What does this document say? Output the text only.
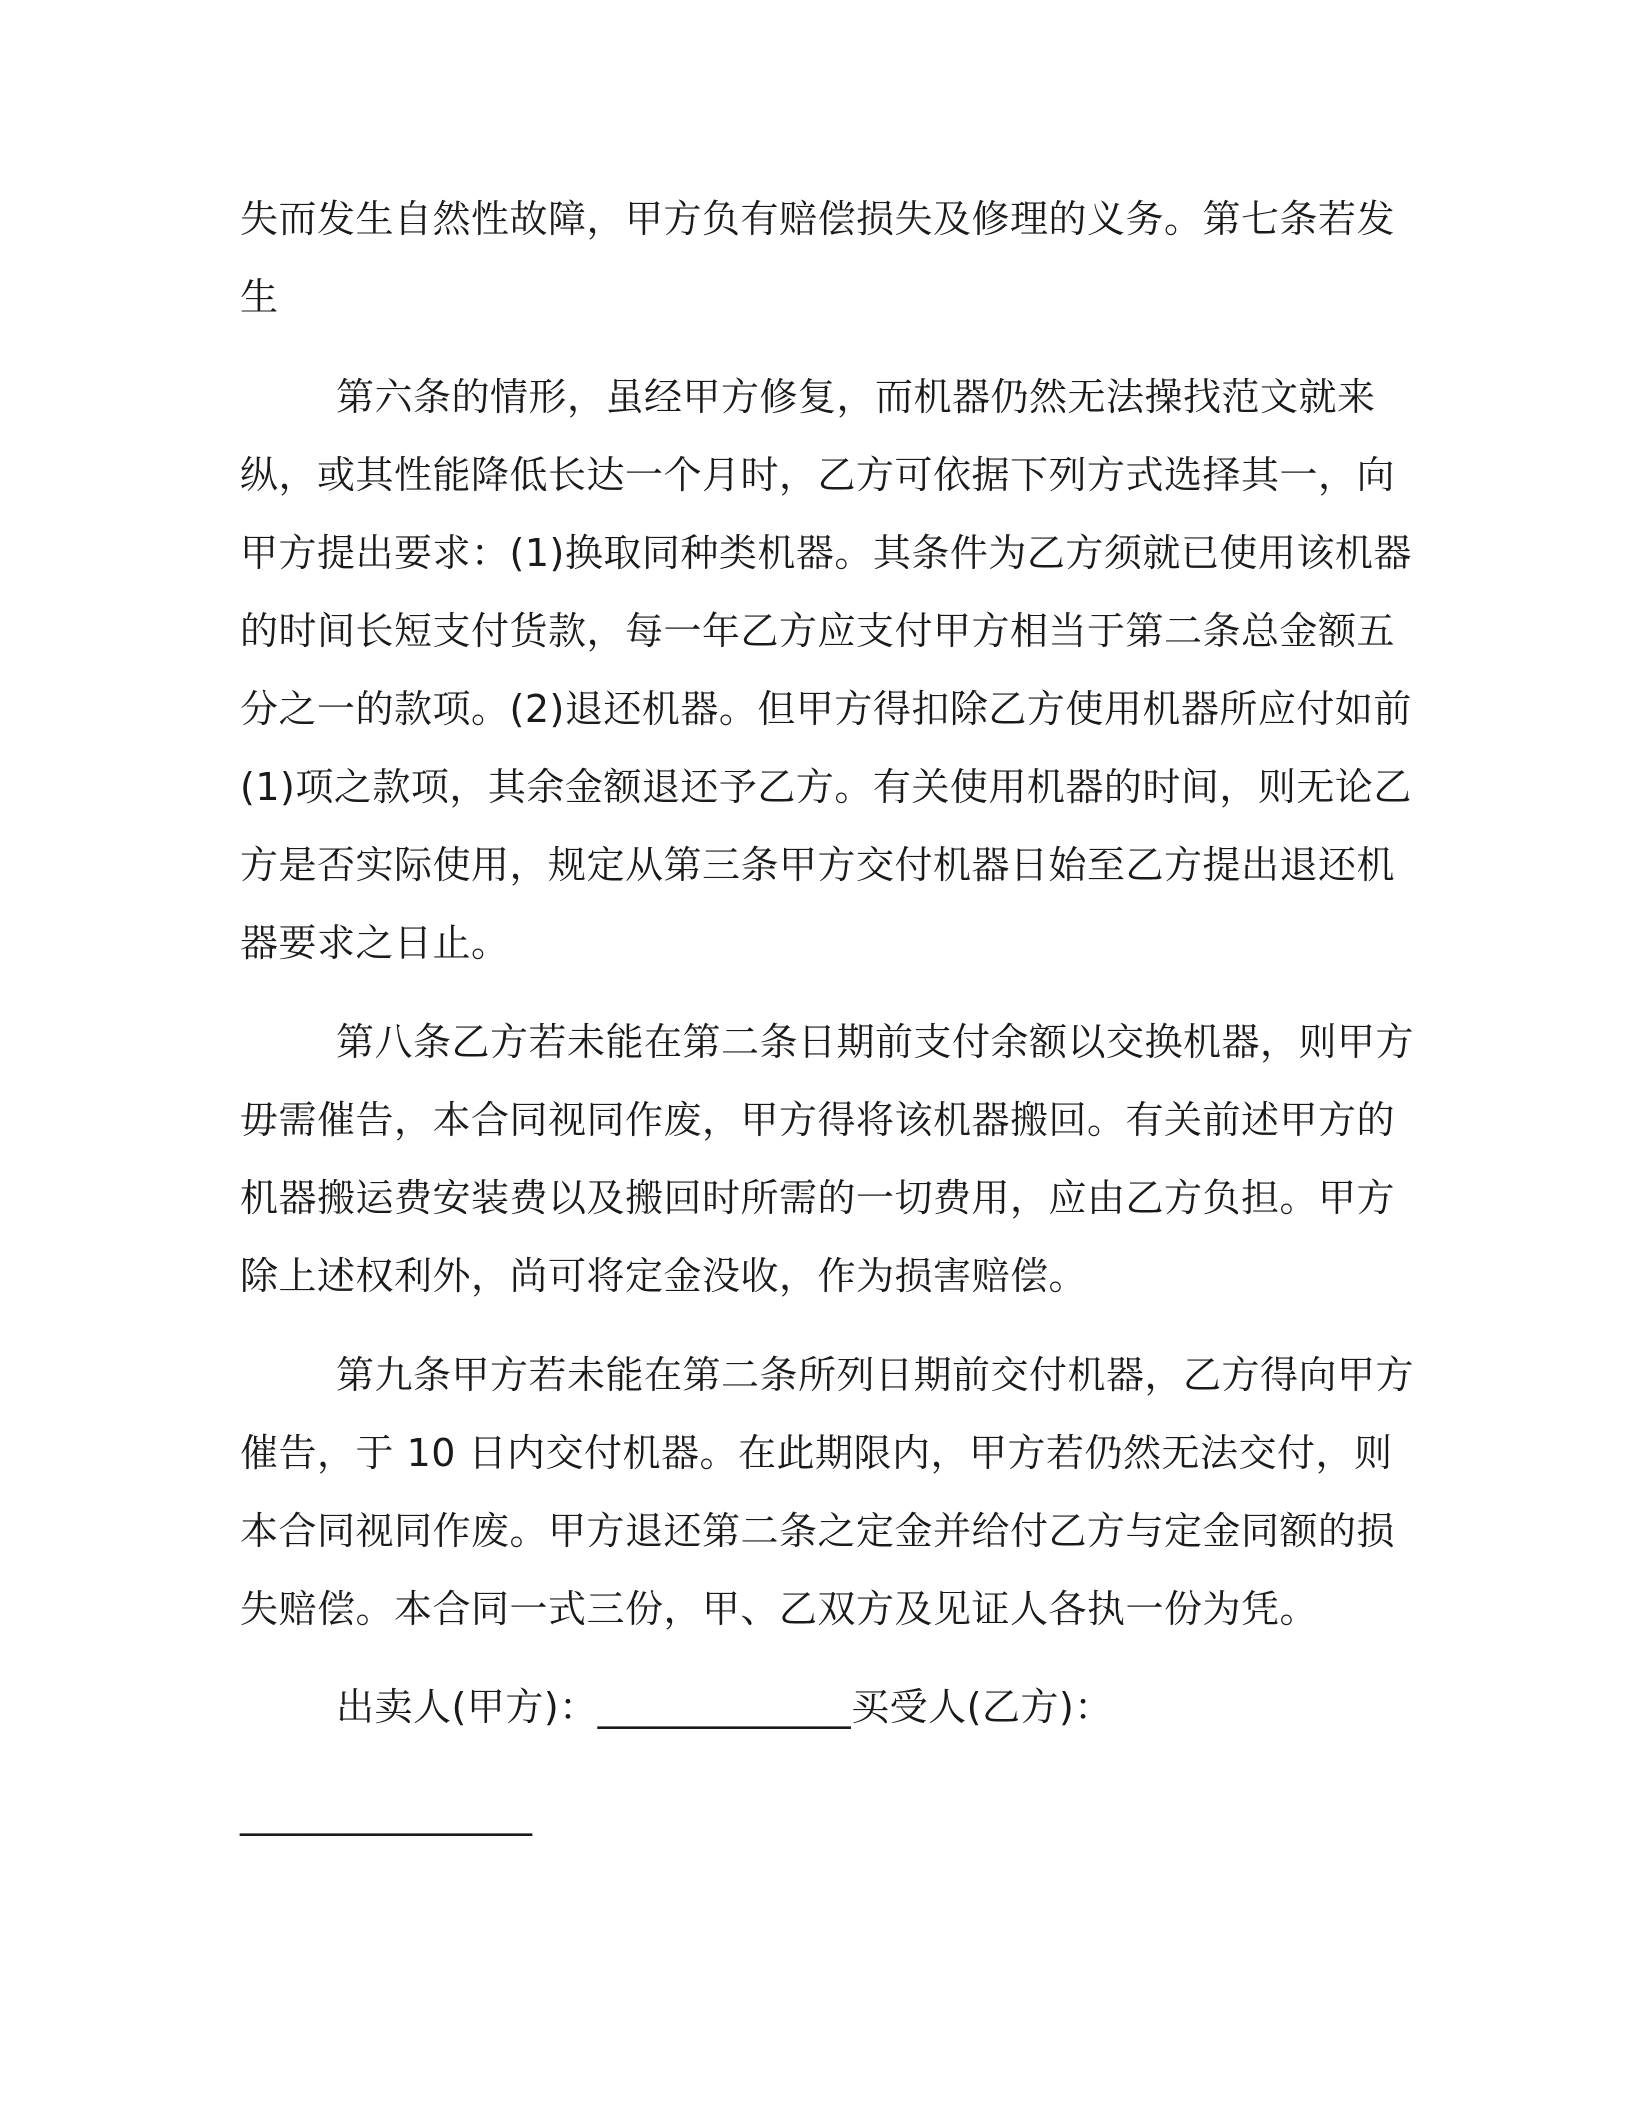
失而发生自然性故障，甲方负有赔偿损失及修理的义务。第七条若发生

第六条的情形，虽经甲方修复，而机器仍然无法操找范文就来纵，或其性能降低长达一个月时，乙方可依据下列方式选择其一，向甲方提出要求：(1)换取同种类机器。其条件为乙方须就已使用该机器的时间长短支付货款，每一年乙方应支付甲方相当于第二条总金额五分之一的款项。(2)退还机器。但甲方得扣除乙方使用机器所应付如前(1)项之款项，其余金额退还予乙方。有关使用机器的时间，则无论乙方是否实际使用，规定从第三条甲方交付机器日始至乙方提出退还机器要求之日止。

第八条乙方若未能在第二条日期前支付余额以交换机器，则甲方毋需催告，本合同视同作废，甲方得将该机器搬回。有关前述甲方的机器搬运费安装费以及搬回时所需的一切费用，应由乙方负担。甲方除上述权利外，尚可将定金没收，作为损害赔偿。

第九条甲方若未能在第二条所列日期前交付机器，乙方得向甲方催告，于 10 日内交付机器。在此期限内，甲方若仍然无法交付，则本合同视同作废。甲方退还第二条之定金并给付乙方与定金同额的损失赔偿。本合同一式三份，甲、乙双方及见证人各执一份为凭。

出卖人(甲方)：_____________买受人(乙方)：

_______________
